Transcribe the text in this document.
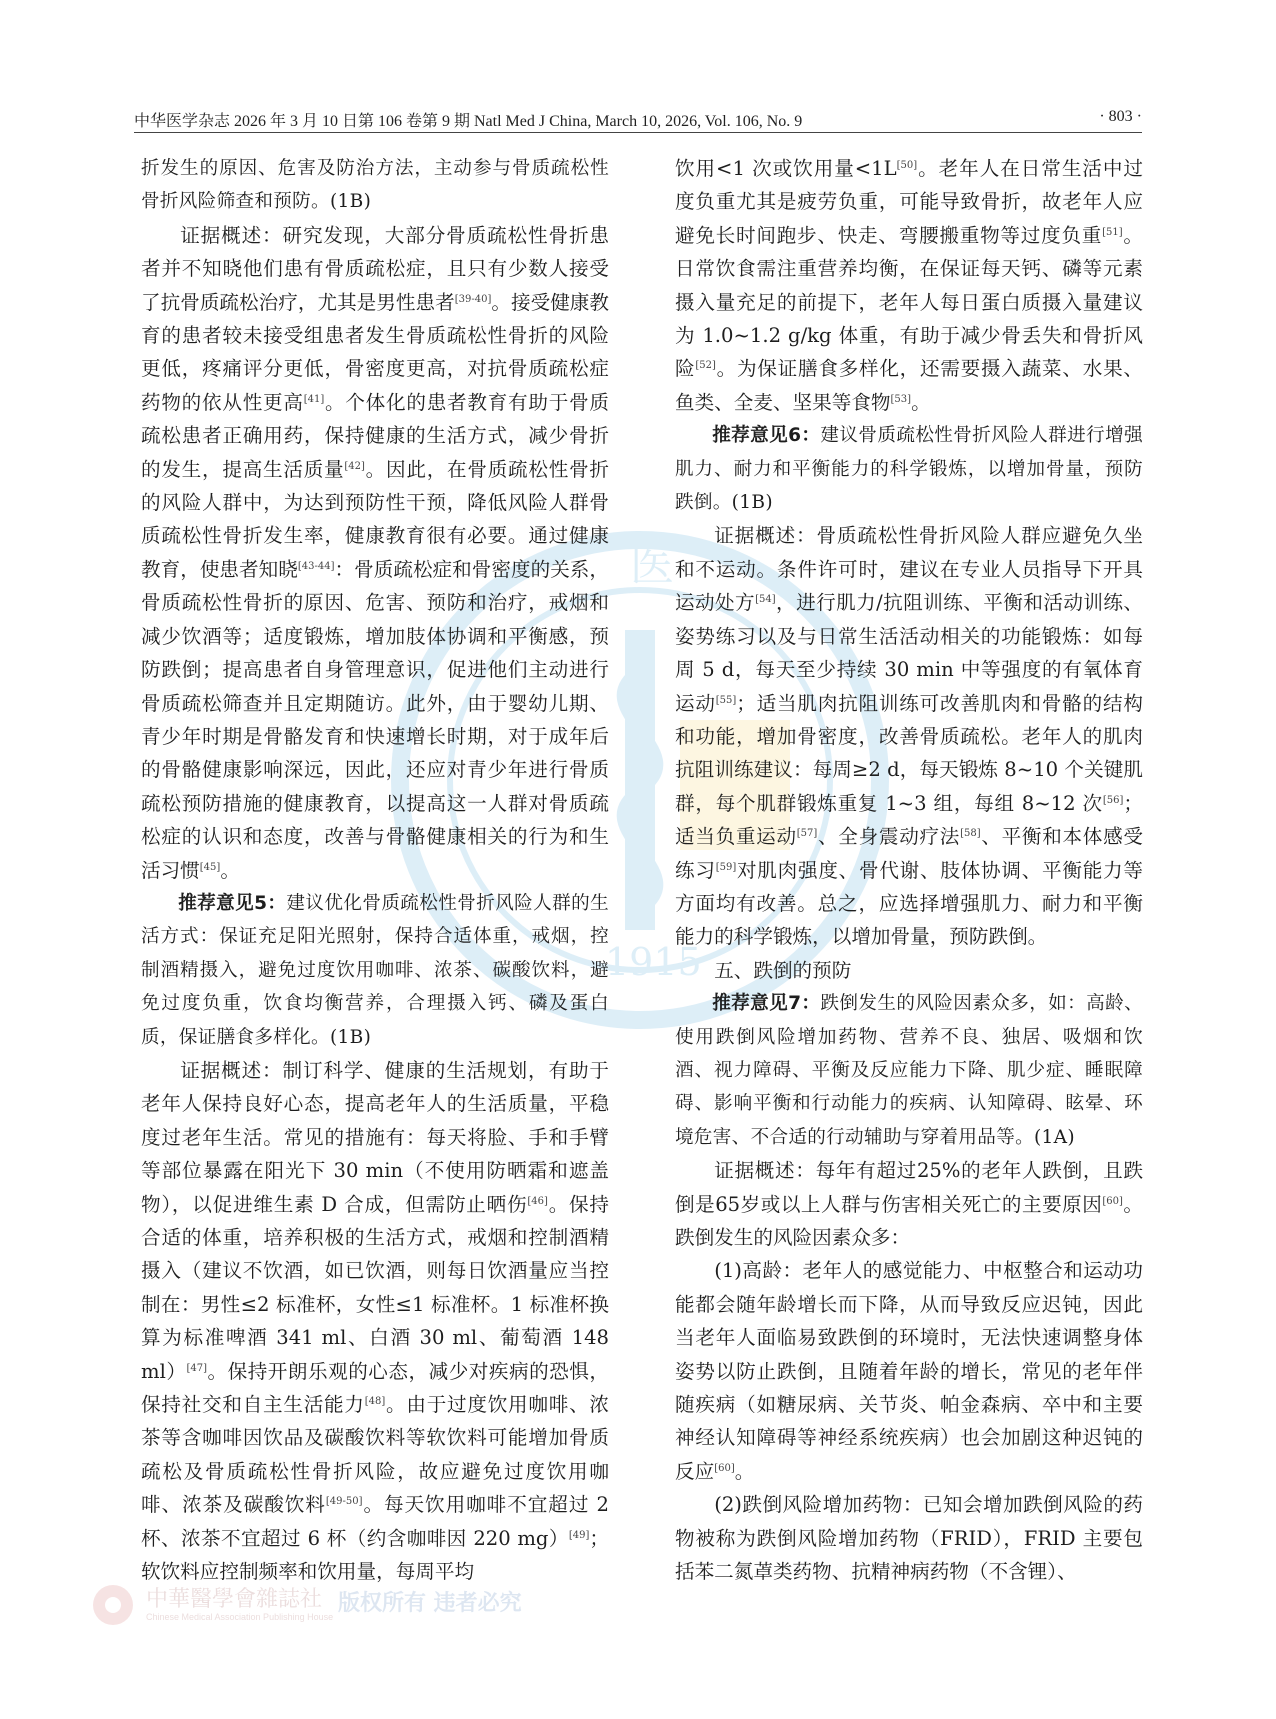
中华医学杂志 2026 年 3 月 10 日第 106 卷第 9 期 Natl Med J China, March 10, 2026, Vol. 106, No. 9	· 803 ·
医
1915

折发生的原因、危害及防治方法，主动参与骨质疏松性骨折风险筛查和预防。(1B)

证据概述：研究发现，大部分骨质疏松性骨折患者并不知晓他们患有骨质疏松症，且只有少数人接受了抗骨质疏松治疗，尤其是男性患者[39-40]。接受健康教育的患者较未接受组患者发生骨质疏松性骨折的风险更低，疼痛评分更低，骨密度更高，对抗骨质疏松症药物的依从性更高[41]。个体化的患者教育有助于骨质疏松患者正确用药，保持健康的生活方式，减少骨折的发生，提高生活质量[42]。因此，在骨质疏松性骨折的风险人群中，为达到预防性干预，降低风险人群骨质疏松性骨折发生率，健康教育很有必要。通过健康教育，使患者知晓[43-44]：骨质疏松症和骨密度的关系，骨质疏松性骨折的原因、危害、预防和治疗，戒烟和减少饮酒等；适度锻炼，增加肢体协调和平衡感，预防跌倒；提高患者自身管理意识，促进他们主动进行骨质疏松筛查并且定期随访。此外，由于婴幼儿期、青少年时期是骨骼发育和快速增长时期，对于成年后的骨骼健康影响深远，因此，还应对青少年进行骨质疏松预防措施的健康教育，以提高这一人群对骨质疏松症的认识和态度，改善与骨骼健康相关的行为和生活习惯[45]。

推荐意见5：建议优化骨质疏松性骨折风险人群的生活方式：保证充足阳光照射，保持合适体重，戒烟，控制酒精摄入，避免过度饮用咖啡、浓茶、碳酸饮料，避免过度负重，饮食均衡营养，合理摄入钙、磷及蛋白质，保证膳食多样化。(1B)

证据概述：制订科学、健康的生活规划，有助于老年人保持良好心态，提高老年人的生活质量，平稳度过老年生活。常见的措施有：每天将脸、手和手臂等部位暴露在阳光下 30 min（不使用防晒霜和遮盖物），以促进维生素 D 合成，但需防止晒伤[46]。保持合适的体重，培养积极的生活方式，戒烟和控制酒精摄入（建议不饮酒，如已饮酒，则每日饮酒量应当控制在：男性≤2 标准杯，女性≤1 标准杯。1 标准杯换算为标准啤酒 341 ml、白酒 30 ml、葡萄酒 148 ml）[47]。保持开朗乐观的心态，减少对疾病的恐惧，保持社交和自主生活能力[48]。由于过度饮用咖啡、浓茶等含咖啡因饮品及碳酸饮料等软饮料可能增加骨质疏松及骨质疏松性骨折风险，故应避免过度饮用咖啡、浓茶及碳酸饮料[49-50]。每天饮用咖啡不宜超过 2 杯、浓茶不宜超过 6 杯（约含咖啡因 220 mg）[49]；软饮料应控制频率和饮用量，每周平均

饮用<1 次或饮用量<1L[50]。老年人在日常生活中过度负重尤其是疲劳负重，可能导致骨折，故老年人应避免长时间跑步、快走、弯腰搬重物等过度负重[51]。日常饮食需注重营养均衡，在保证每天钙、磷等元素摄入量充足的前提下，老年人每日蛋白质摄入量建议为 1.0~1.2 g/kg 体重，有助于减少骨丢失和骨折风险[52]。为保证膳食多样化，还需要摄入蔬菜、水果、鱼类、全麦、坚果等食物[53]。

推荐意见6：建议骨质疏松性骨折风险人群进行增强肌力、耐力和平衡能力的科学锻炼，以增加骨量，预防跌倒。(1B)

证据概述：骨质疏松性骨折风险人群应避免久坐和不运动。条件许可时，建议在专业人员指导下开具运动处方[54]，进行肌力/抗阻训练、平衡和活动训练、姿势练习以及与日常生活活动相关的功能锻炼：如每周 5 d，每天至少持续 30 min 中等强度的有氧体育运动[55]；适当肌肉抗阻训练可改善肌肉和骨骼的结构和功能，增加骨密度，改善骨质疏松。老年人的肌肉抗阻训练建议：每周≥2 d，每天锻炼 8~10 个关键肌群，每个肌群锻炼重复 1~3 组，每组 8~12 次[56]；适当负重运动[57]、全身震动疗法[58]、平衡和本体感受练习[59]对肌肉强度、骨代谢、肢体协调、平衡能力等方面均有改善。总之，应选择增强肌力、耐力和平衡能力的科学锻炼，以增加骨量，预防跌倒。

五、跌倒的预防

推荐意见7：跌倒发生的风险因素众多，如：高龄、使用跌倒风险增加药物、营养不良、独居、吸烟和饮酒、视力障碍、平衡及反应能力下降、肌少症、睡眠障碍、影响平衡和行动能力的疾病、认知障碍、眩晕、环境危害、不合适的行动辅助与穿着用品等。(1A)

证据概述：每年有超过25%的老年人跌倒，且跌倒是65岁或以上人群与伤害相关死亡的主要原因[60]。跌倒发生的风险因素众多：

(1)高龄：老年人的感觉能力、中枢整合和运动功能都会随年龄增长而下降，从而导致反应迟钝，因此当老年人面临易致跌倒的环境时，无法快速调整身体姿势以防止跌倒，且随着年龄的增长，常见的老年伴随疾病（如糖尿病、关节炎、帕金森病、卒中和主要神经认知障碍等神经系统疾病）也会加剧这种迟钝的反应[60]。

(2)跌倒风险增加药物：已知会增加跌倒风险的药物被称为跌倒风险增加药物（FRID），FRID 主要包括苯二氮䓬类药物、抗精神病药物（不含锂）、

中華醫學會雜誌社
Chinese Medical Association Publishing House
版权所有 违者必究
